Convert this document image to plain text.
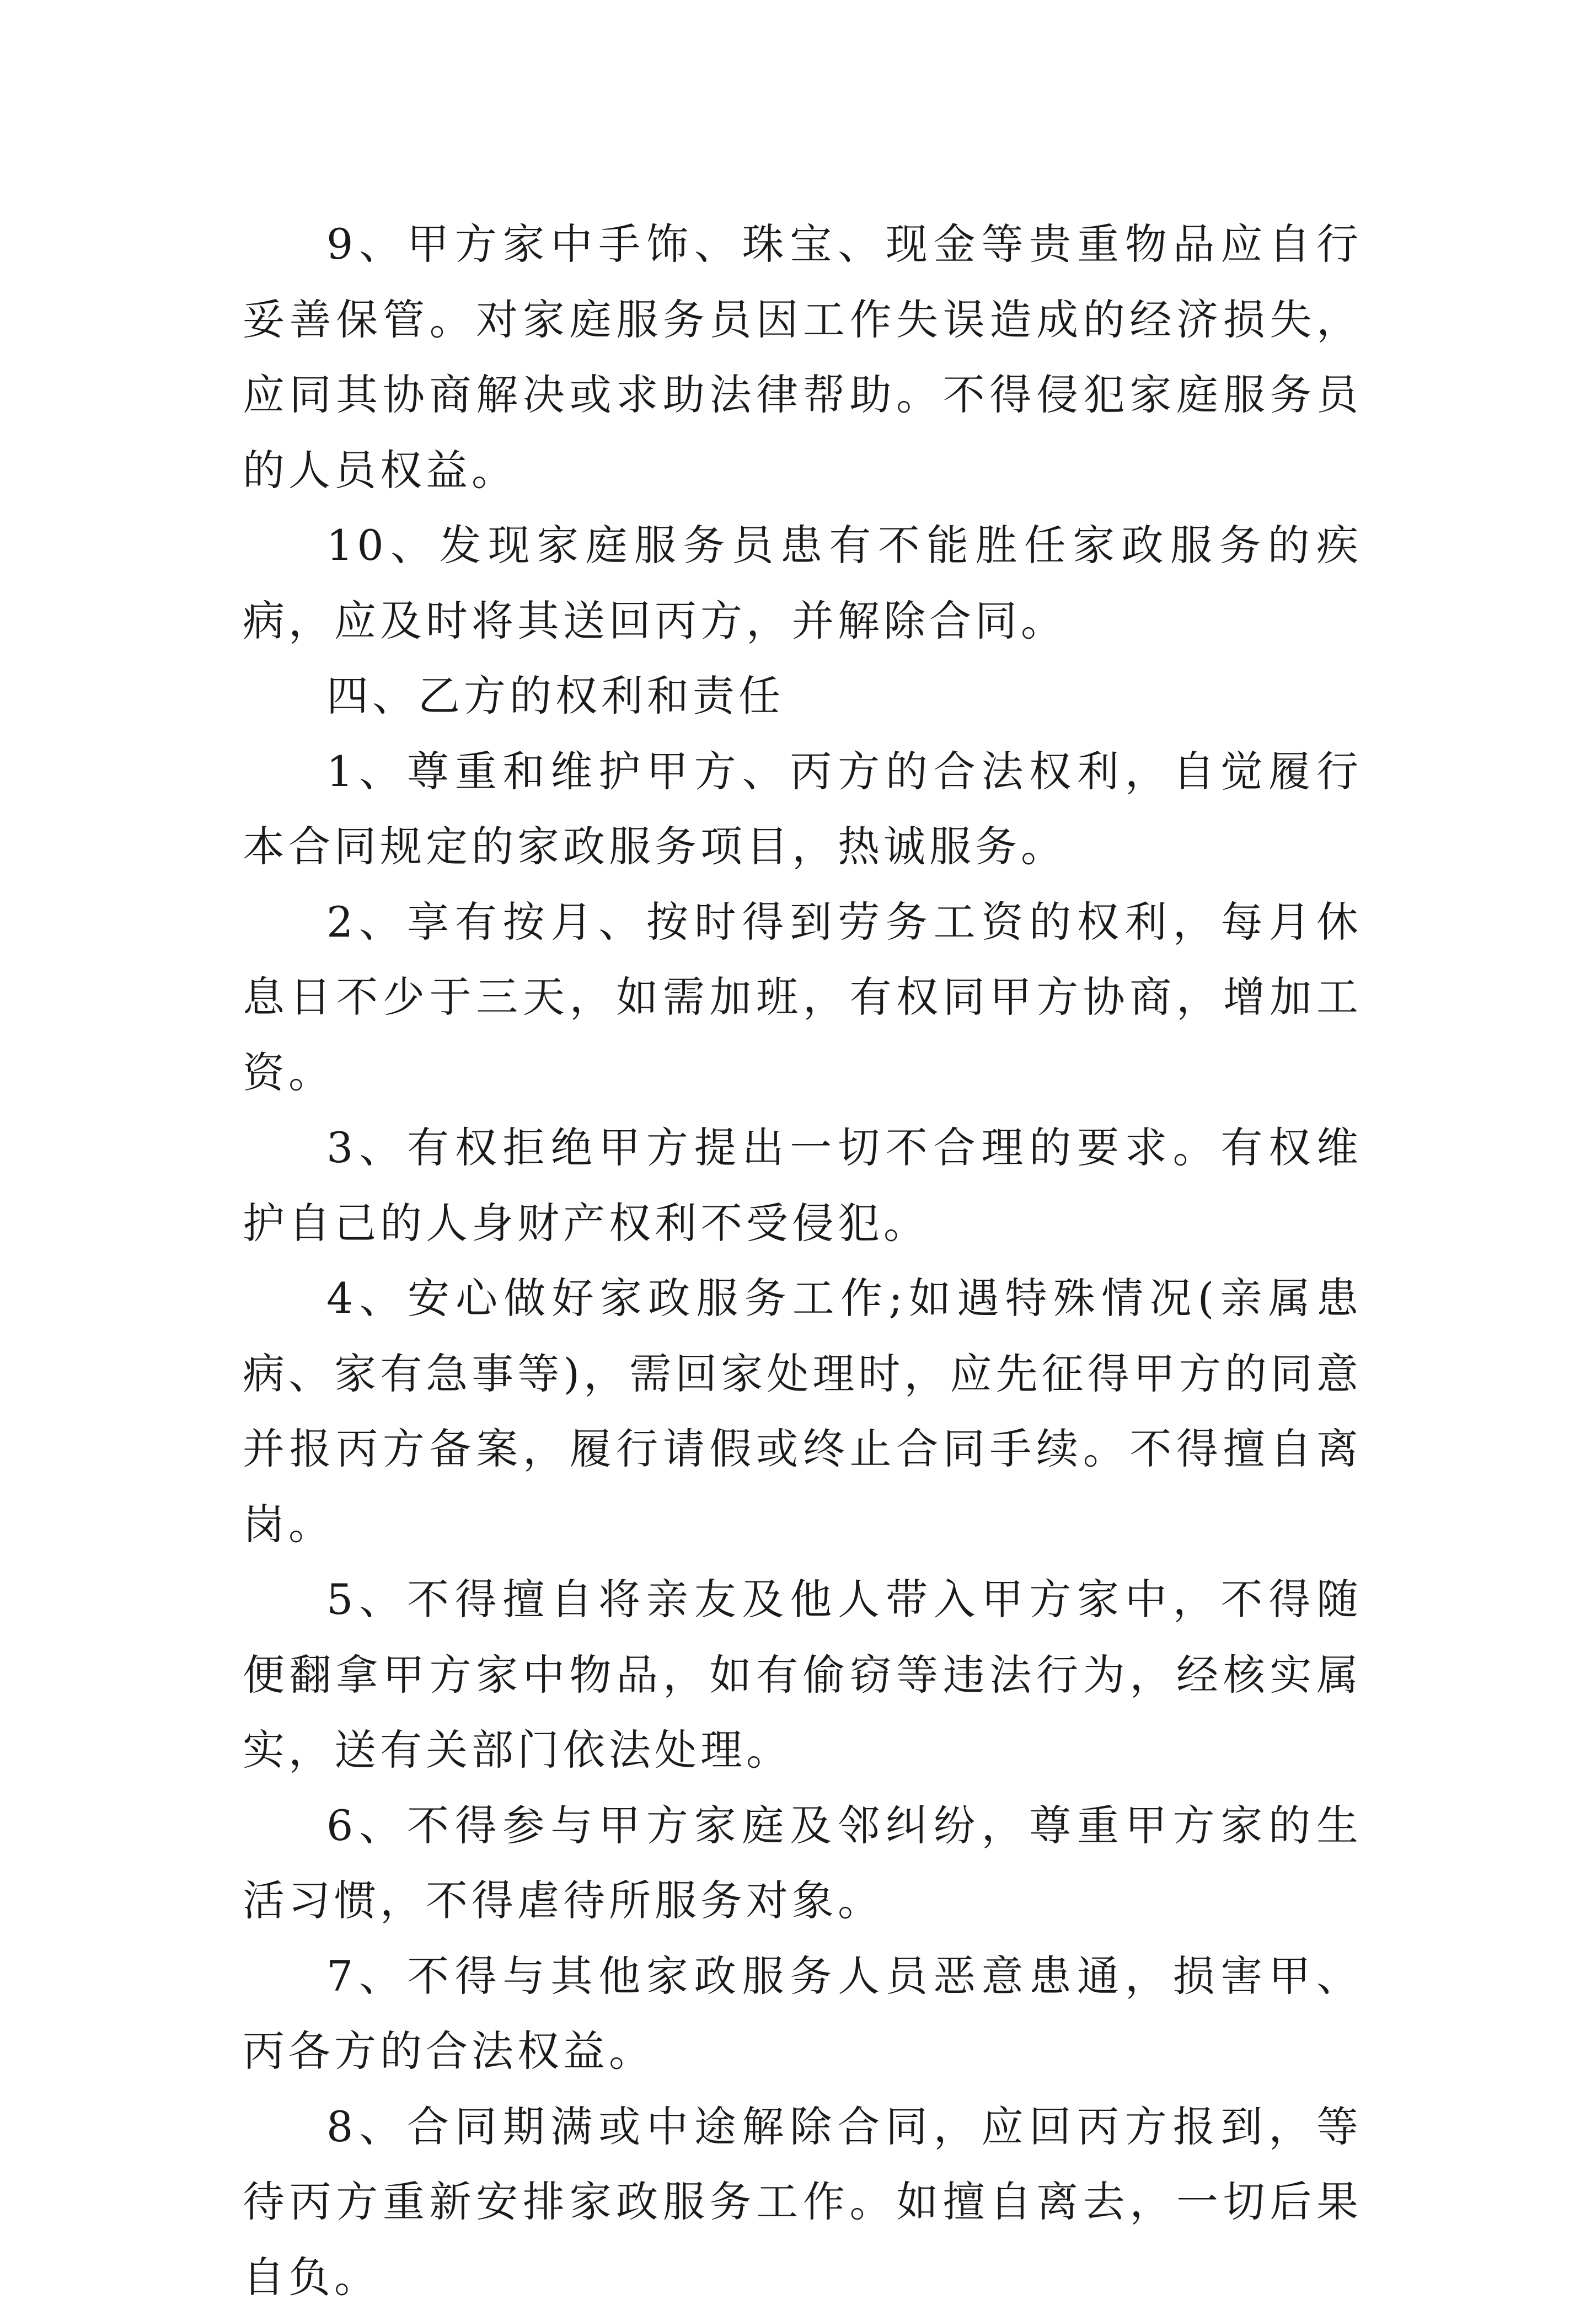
9、甲方家中手饰、珠宝、现金等贵重物品应自行妥善保管。对家庭服务员因工作失误造成的经济损失，应同其协商解决或求助法律帮助。不得侵犯家庭服务员的人员权益。

10、发现家庭服务员患有不能胜任家政服务的疾病，应及时将其送回丙方，并解除合同。

四、乙方的权利和责任

1、尊重和维护甲方、丙方的合法权利，自觉履行本合同规定的家政服务项目，热诚服务。

2、享有按月、按时得到劳务工资的权利，每月休息日不少于三天，如需加班，有权同甲方协商，增加工资。

3、有权拒绝甲方提出一切不合理的要求。有权维护自己的人身财产权利不受侵犯。

4、安心做好家政服务工作;如遇特殊情况(亲属患病、家有急事等)，需回家处理时，应先征得甲方的同意并报丙方备案，履行请假或终止合同手续。不得擅自离岗。

5、不得擅自将亲友及他人带入甲方家中，不得随便翻拿甲方家中物品，如有偷窃等违法行为，经核实属实，送有关部门依法处理。

6、不得参与甲方家庭及邻纠纷，尊重甲方家的生活习惯，不得虐待所服务对象。

7、不得与其他家政服务人员恶意患通，损害甲、丙各方的合法权益。

8、合同期满或中途解除合同，应回丙方报到，等待丙方重新安排家政服务工作。如擅自离去，一切后果自负。
